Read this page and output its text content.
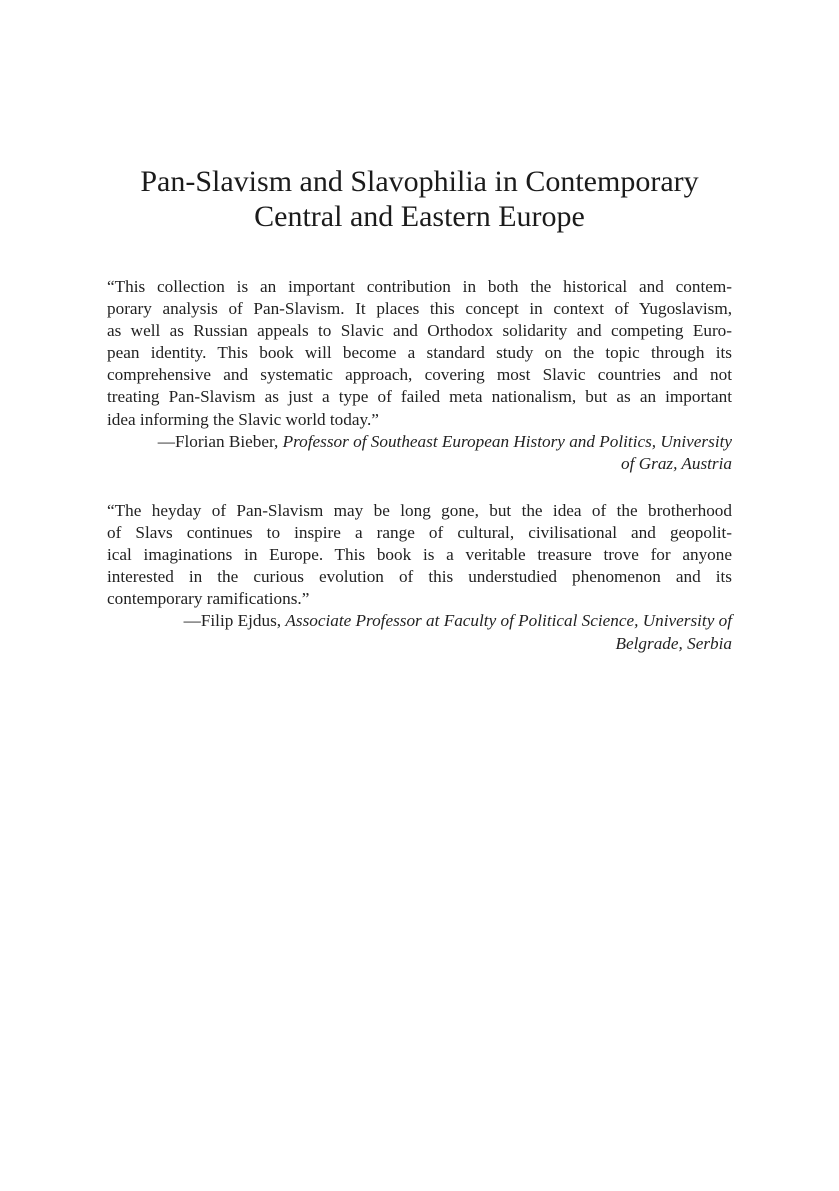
Pan-Slavism and Slavophilia in Contemporary
Central and Eastern Europe

“This collection is an important contribution in both the historical and contem-
porary analysis of Pan-Slavism. It places this concept in context of Yugoslavism,
as well as Russian appeals to Slavic and Orthodox solidarity and competing Euro-
pean identity. This book will become a standard study on the topic through its
comprehensive and systematic approach, covering most Slavic countries and not
treating Pan-Slavism as just a type of failed meta nationalism, but as an important
idea informing the Slavic world today.”

—Florian Bieber, Professor of Southeast European History and Politics, University
of Graz, Austria

“The heyday of Pan-Slavism may be long gone, but the idea of the brotherhood
of Slavs continues to inspire a range of cultural, civilisational and geopolit-
ical imaginations in Europe. This book is a veritable treasure trove for anyone
interested in the curious evolution of this understudied phenomenon and its
contemporary ramifications.”

—Filip Ejdus, Associate Professor at Faculty of Political Science, University of
Belgrade, Serbia
